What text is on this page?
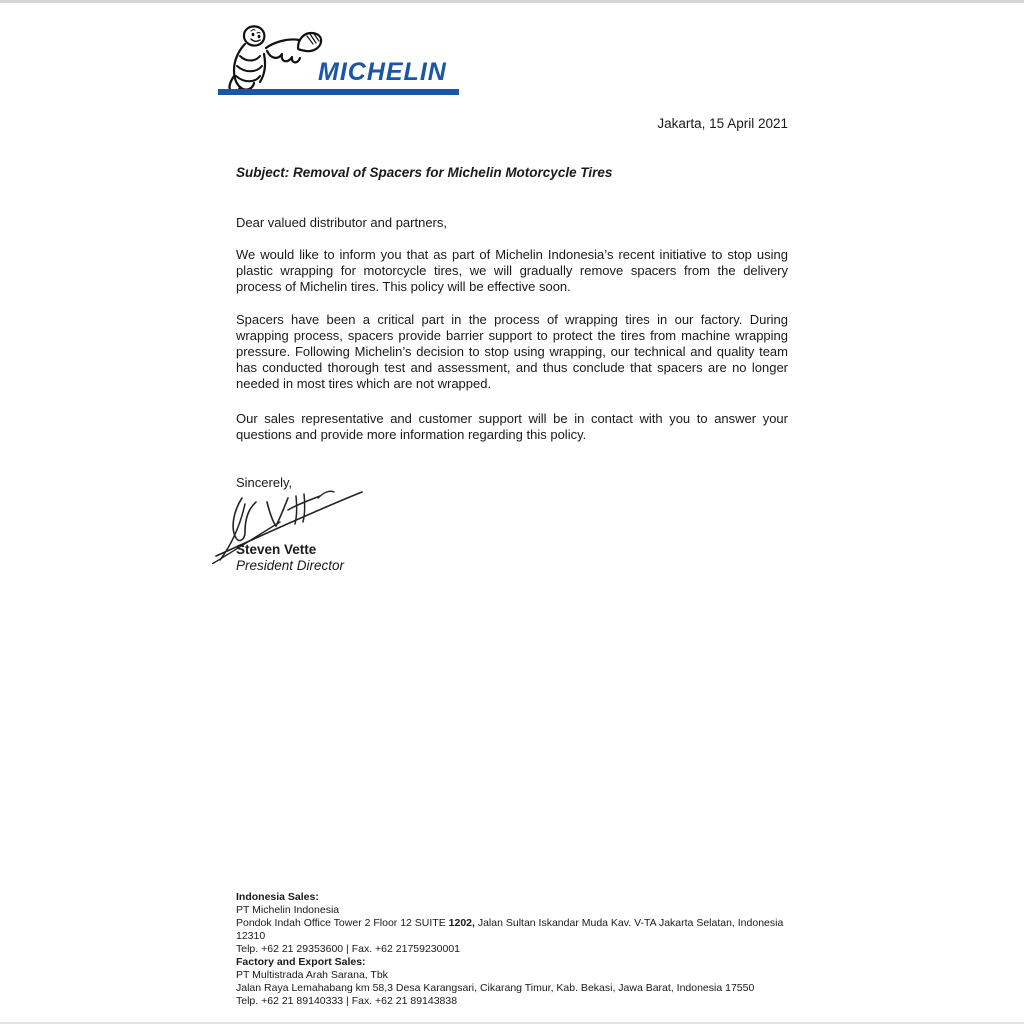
MICHELIN
Jakarta, 15 April 2021
Subject: Removal of Spacers for Michelin Motorcycle Tires
Dear valued distributor and partners,
We would like to inform you that as part of Michelin Indonesia’s recent initiative to stop using plastic wrapping for motorcycle tires, we will gradually remove spacers from the delivery process of Michelin tires. This policy will be effective soon.
Spacers have been a critical part in the process of wrapping tires in our factory. During wrapping process, spacers provide barrier support to protect the tires from machine wrapping pressure. Following Michelin’s decision to stop using wrapping, our technical and quality team has conducted thorough test and assessment, and thus conclude that spacers are no longer needed in most tires which are not wrapped.
Our sales representative and customer support will be in contact with you to answer your questions and provide more information regarding this policy.
Sincerely,
Steven Vette
President Director
Indonesia Sales:
PT Michelin Indonesia
Pondok Indah Office Tower 2 Floor 12 SUITE 1202, Jalan Sultan Iskandar Muda Kav. V-TA Jakarta Selatan, Indonesia 12310
Telp. +62 21 29353600 | Fax. +62 21759230001
Factory and Export Sales:
PT Multistrada Arah Sarana, Tbk
Jalan Raya Lemahabang km 58,3 Desa Karangsari, Cikarang Timur, Kab. Bekasi, Jawa Barat, Indonesia 17550
Telp. +62 21 89140333 | Fax. +62 21 89143838
